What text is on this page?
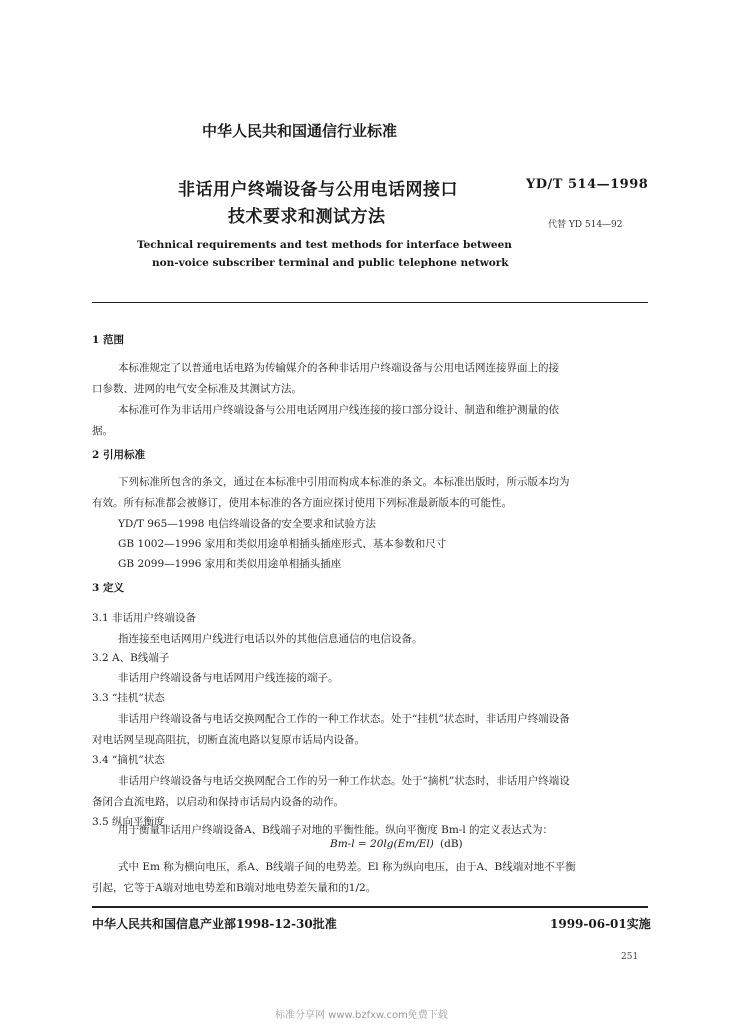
中华人民共和国通信行业标准
非话用户终端设备与公用电话网接口
技术要求和测试方法
YD/T 514—1998
代替 YD 514—92
Technical requirements and test methods for interface between
non-voice subscriber terminal and public telephone network
1 范围
本标准规定了以普通电话电路为传输媒介的各种非话用户终端设备与公用电话网连接界面上的接
口参数、进网的电气安全标准及其测试方法。
本标准可作为非话用户终端设备与公用电话网用户线连接的接口部分设计、制造和维护测量的依
据。
2 引用标准
下列标准所包含的条文，通过在本标准中引用而构成本标准的条文。本标准出版时，所示版本均为
有效。所有标准都会被修订，使用本标准的各方面应探讨使用下列标准最新版本的可能性。
YD/T 965—1998 电信终端设备的安全要求和试验方法
GB 1002—1996 家用和类似用途单相插头插座形式、基本参数和尺寸
GB 2099—1996 家用和类似用途单相插头插座
3 定义
3.1 非话用户终端设备
指连接至电话网用户线进行电话以外的其他信息通信的电信设备。
3.2 A、B线端子
非话用户终端设备与电话网用户线连接的端子。
3.3 “挂机”状态
非话用户终端设备与电话交换网配合工作的一种工作状态。处于“挂机”状态时，非话用户终端设备
对电话网呈现高阻抗，切断直流电路以复原市话局内设备。
3.4 “摘机”状态
非话用户终端设备与电话交换网配合工作的另一种工作状态。处于“摘机”状态时，非话用户终端设
备闭合直流电路，以启动和保持市话局内设备的动作。
3.5 纵向平衡度
用于衡量非话用户终端设备A、B线端子对地的平衡性能。纵向平衡度 Bm-l 的定义表达式为：
Bm-l = 20lg(Em/El) (dB)
式中 Em 称为横向电压，系A、B线端子间的电势差。El 称为纵向电压，由于A、B线端对地不平衡
引起，它等于A端对地电势差和B端对地电势差矢量和的1/2。
中华人民共和国信息产业部1998-12-30批准	1999-06-01实施
251
标准分享网 www.bzfxw.com免费下载
